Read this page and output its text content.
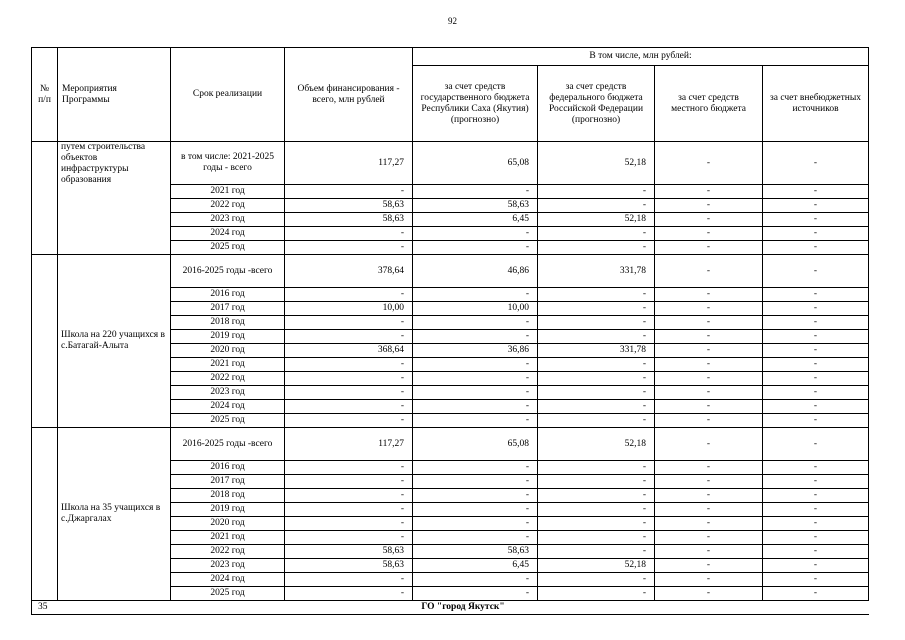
92
№ п/п	Мероприятия Программы	Срок реализации	Объем финансирования - всего, млн рублей	В том числе, млн рублей:			
				за счет средств государственного бюджета Республики Саха (Якутия) (прогнозно)	за счет средств федерального бюджета Российской Федерации (прогнозно)	за счет средств местного бюджета	за счет внебюджетных источников
	путем строительства объектов инфраструктуры образования	в том числе: 2021-2025 годы - всего	117,27	65,08	52,18	-	-
		2021 год	-	-	-	-	-
		2022 год	58,63	58,63	-	-	-
		2023 год	58,63	6,45	52,18	-	-
		2024 год	-	-	-	-	-
		2025 год	-	-	-	-	-
	Школа на 220 учащихся в с.Батагай-Алыта	2016-2025 годы -всего	378,64	46,86	331,78	-	-
		2016 год	-	-	-	-	-
		2017 год	10,00	10,00	-	-	-
		2018 год	-	-	-	-	-
		2019 год	-	-	-	-	-
		2020 год	368,64	36,86	331,78	-	-
		2021 год	-	-	-	-	-
		2022 год	-	-	-	-	-
		2023 год	-	-	-	-	-
		2024 год	-	-	-	-	-
		2025 год	-	-	-	-	-
	Школа на 35 учащихся в с.Джаргалах	2016-2025 годы -всего	117,27	65,08	52,18	-	-
		2016 год	-	-	-	-	-
		2017 год	-	-	-	-	-
		2018 год	-	-	-	-	-
		2019 год	-	-	-	-	-
		2020 год	-	-	-	-	-
		2021 год	-	-	-	-	-
		2022 год	58,63	58,63	-	-	-
		2023 год	58,63	6,45	52,18	-	-
		2024 год	-	-	-	-	-
		2025 год	-	-	-	-	-
35	ГО "город Якутск"						
